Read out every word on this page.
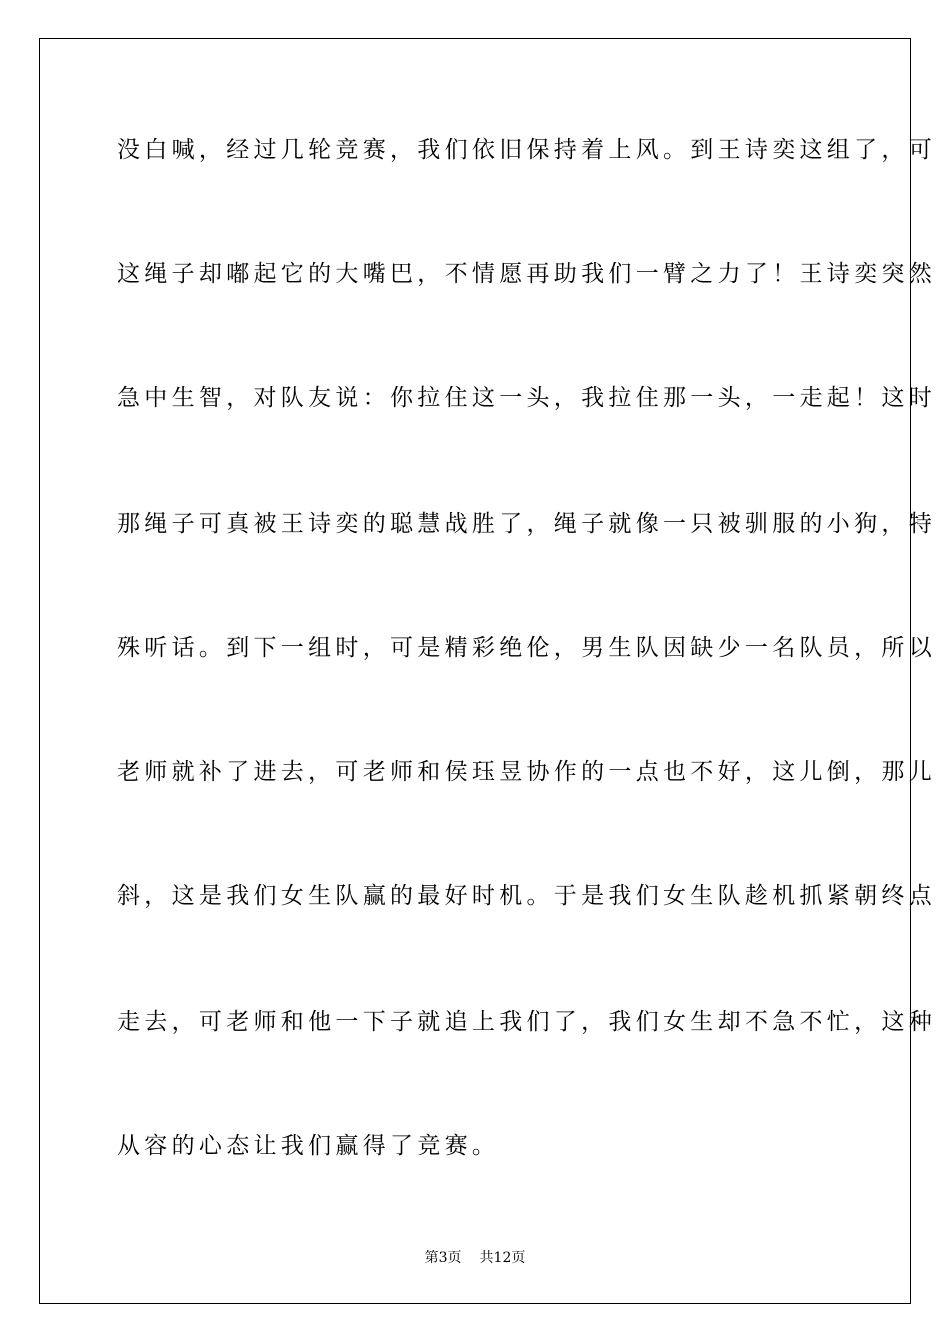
没白喊，经过几轮竞赛，我们依旧保持着上风。到王诗奕这组了，可
这绳子却嘟起它的大嘴巴，不情愿再助我们一臂之力了！王诗奕突然
急中生智，对队友说：你拉住这一头，我拉住那一头，一走起！这时
那绳子可真被王诗奕的聪慧战胜了，绳子就像一只被驯服的小狗，特
殊听话。到下一组时，可是精彩绝伦，男生队因缺少一名队员，所以
老师就补了进去，可老师和侯珏昱协作的一点也不好，这儿倒，那儿
斜，这是我们女生队赢的最好时机。于是我们女生队趁机抓紧朝终点
走去，可老师和他一下子就追上我们了，我们女生却不急不忙，这种
从容的心态让我们赢得了竞赛。
第3页 共12页
